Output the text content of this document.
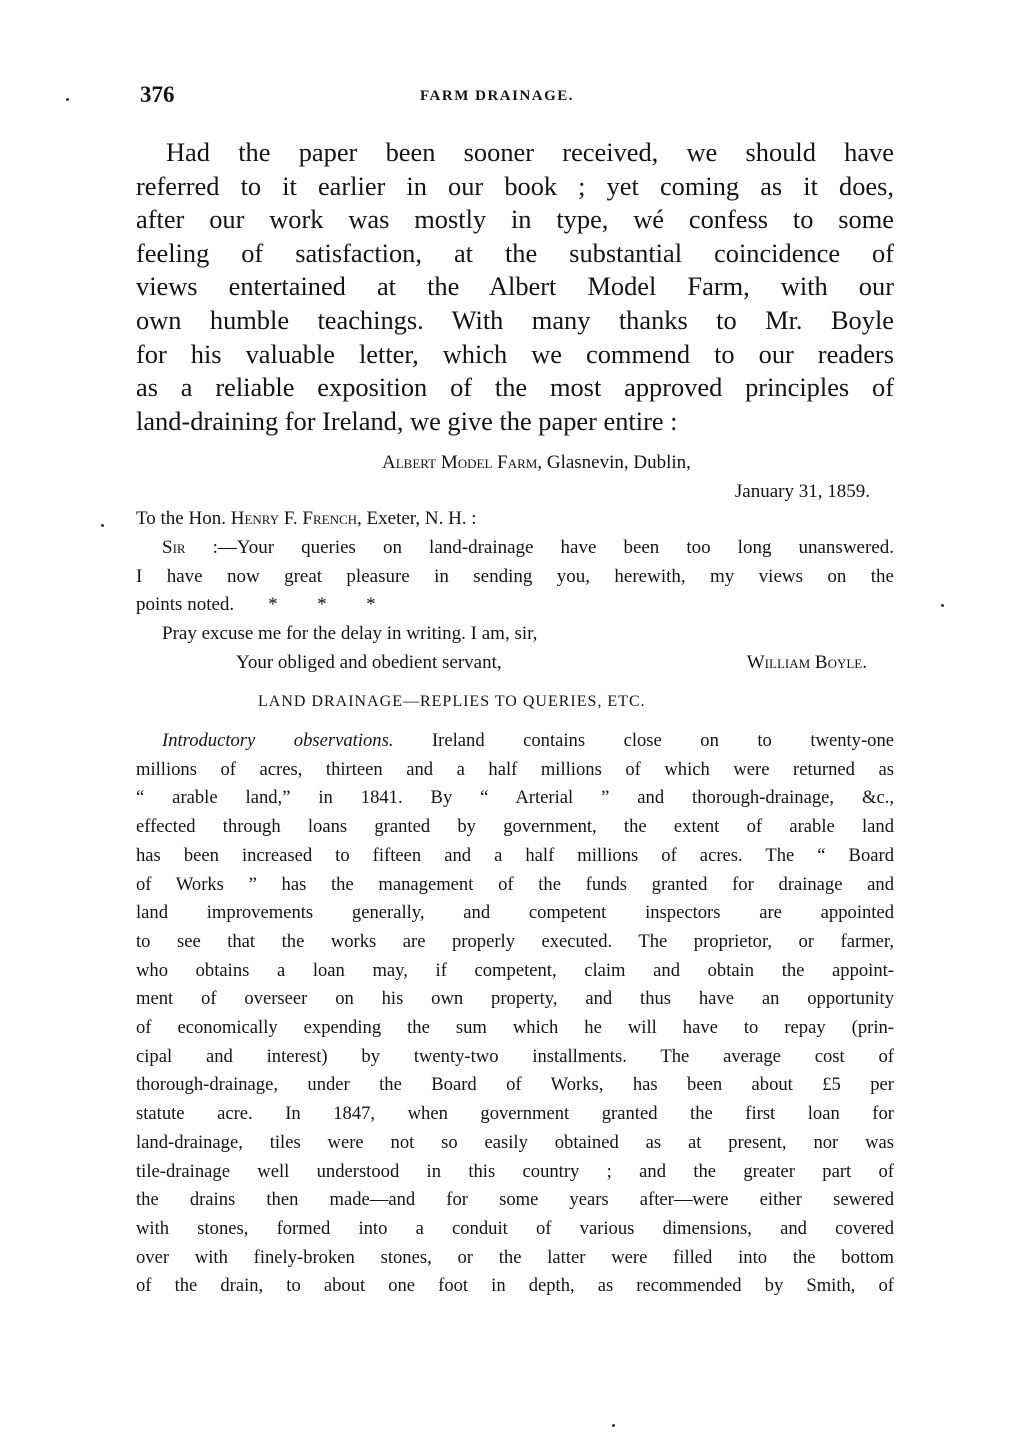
376	FARM DRAINAGE.
Had the paper been sooner received, we should have
referred to it earlier in our book ; yet coming as it does,
after our work was mostly in type, wé confess to some
feeling of satisfaction, at the substantial coincidence of
views entertained at the Albert Model Farm, with our
own humble teachings. With many thanks to Mr. Boyle
for his valuable letter, which we commend to our readers
as a reliable exposition of the most approved principles of
land-draining for Ireland, we give the paper entire :
Albert Model Farm, Glasnevin, Dublin,
January 31, 1859.
To the Hon. Henry F. French, Exeter, N. H. :
Sir :—Your queries on land-drainage have been too long unanswered.
I have now great pleasure in sending you, herewith, my views on the
points noted. * * *
Pray excuse me for the delay in writing. I am, sir,
Your obliged and obedient servant,	William Boyle.
LAND DRAINAGE—REPLIES TO QUERIES, ETC.
Introductory observations. Ireland contains close on to twenty-one
millions of acres, thirteen and a half millions of which were returned as
“ arable land,” in 1841. By “ Arterial ” and thorough-drainage, &c.,
effected through loans granted by government, the extent of arable land
has been increased to fifteen and a half millions of acres. The “ Board
of Works ” has the management of the funds granted for drainage and
land improvements generally, and competent inspectors are appointed
to see that the works are properly executed. The proprietor, or farmer,
who obtains a loan may, if competent, claim and obtain the appoint-
ment of overseer on his own property, and thus have an opportunity
of economically expending the sum which he will have to repay (prin-
cipal and interest) by twenty-two installments. The average cost of
thorough-drainage, under the Board of Works, has been about £5 per
statute acre. In 1847, when government granted the first loan for
land-drainage, tiles were not so easily obtained as at present, nor was
tile-drainage well understood in this country ; and the greater part of
the drains then made—and for some years after—were either sewered
with stones, formed into a conduit of various dimensions, and covered
over with finely-broken stones, or the latter were filled into the bottom
of the drain, to about one foot in depth, as recommended by Smith, of
